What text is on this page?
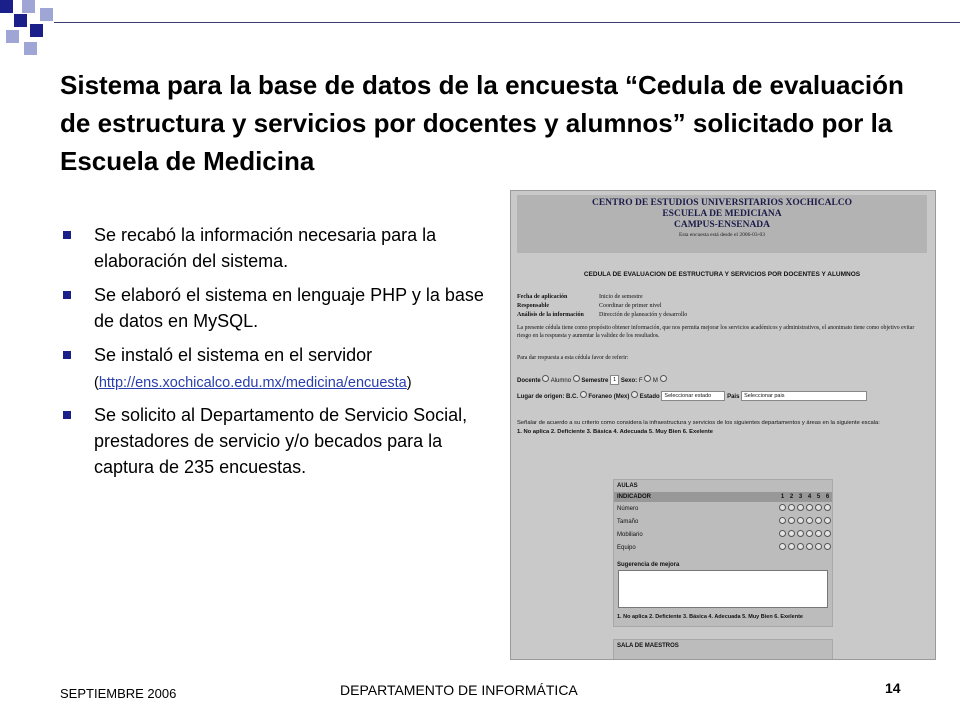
Sistema para la base de datos de la encuesta “Cedula de evaluación de estructura y servicios por docentes y alumnos” solicitado por la Escuela de Medicina
Se recabó la información necesaria para la elaboración del sistema.
Se elaboró el sistema en lenguaje PHP y la base de datos en MySQL.
Se instaló el sistema en el servidor
(http://ens.xochicalco.edu.mx/medicina/encuesta)
Se solicito al Departamento de Servicio Social, prestadores de servicio y/o becados para la captura de 235 encuestas.
CENTRO DE ESTUDIOS UNIVERSITARIOS XOCHICALCO
ESCUELA DE MEDICIANA
CAMPUS-ENSENADA
Esta encuesta está desde el 2006-03-03
CEDULA DE EVALUACION DE ESTRUCTURA Y SERVICIOS POR DOCENTES Y ALUMNOS
Fecha de aplicación	Inicio de semestre
Responsable	Coordinar de primer nivel
Análisis de la información	Dirección de planeación y desarrollo
La presente cédula tiene como propósito obtener información, que nos permita mejorar los servicios académicos y administrativos, el anonimato tiene como objetivo evitar riesgo en la respuesta y aumentar la validez de los resultados.
Para dar respuesta a esta cédula favor de referir:
Docente Alumno Semestre 1 Sexo: F M
Lugar de origen: B.C. Foraneo (Mex) Estado Seleccionar estado	Pais Seleccionar pais
Señalar de acuerdo a su criterio como considera la infraestructura y servicios de los siguientes departamentos y áreas en la siguiente escala:
1. No aplica 2. Deficiente 3. Básica 4. Adecuada 5. Muy Bien 6. Exelente
AULAS
INDICADOR	1	2	3	4	5	6
Número						
Tamaño						
Mobiliario						
Equipo						
Sugerencia de mejora
1. No aplica 2. Deficiente 3. Básica 4. Adecuada 5. Muy Bien 6. Exelente
SALA DE MAESTROS
SEPTIEMBRE 2006	DEPARTAMENTO DE INFORMÁTICA	14
